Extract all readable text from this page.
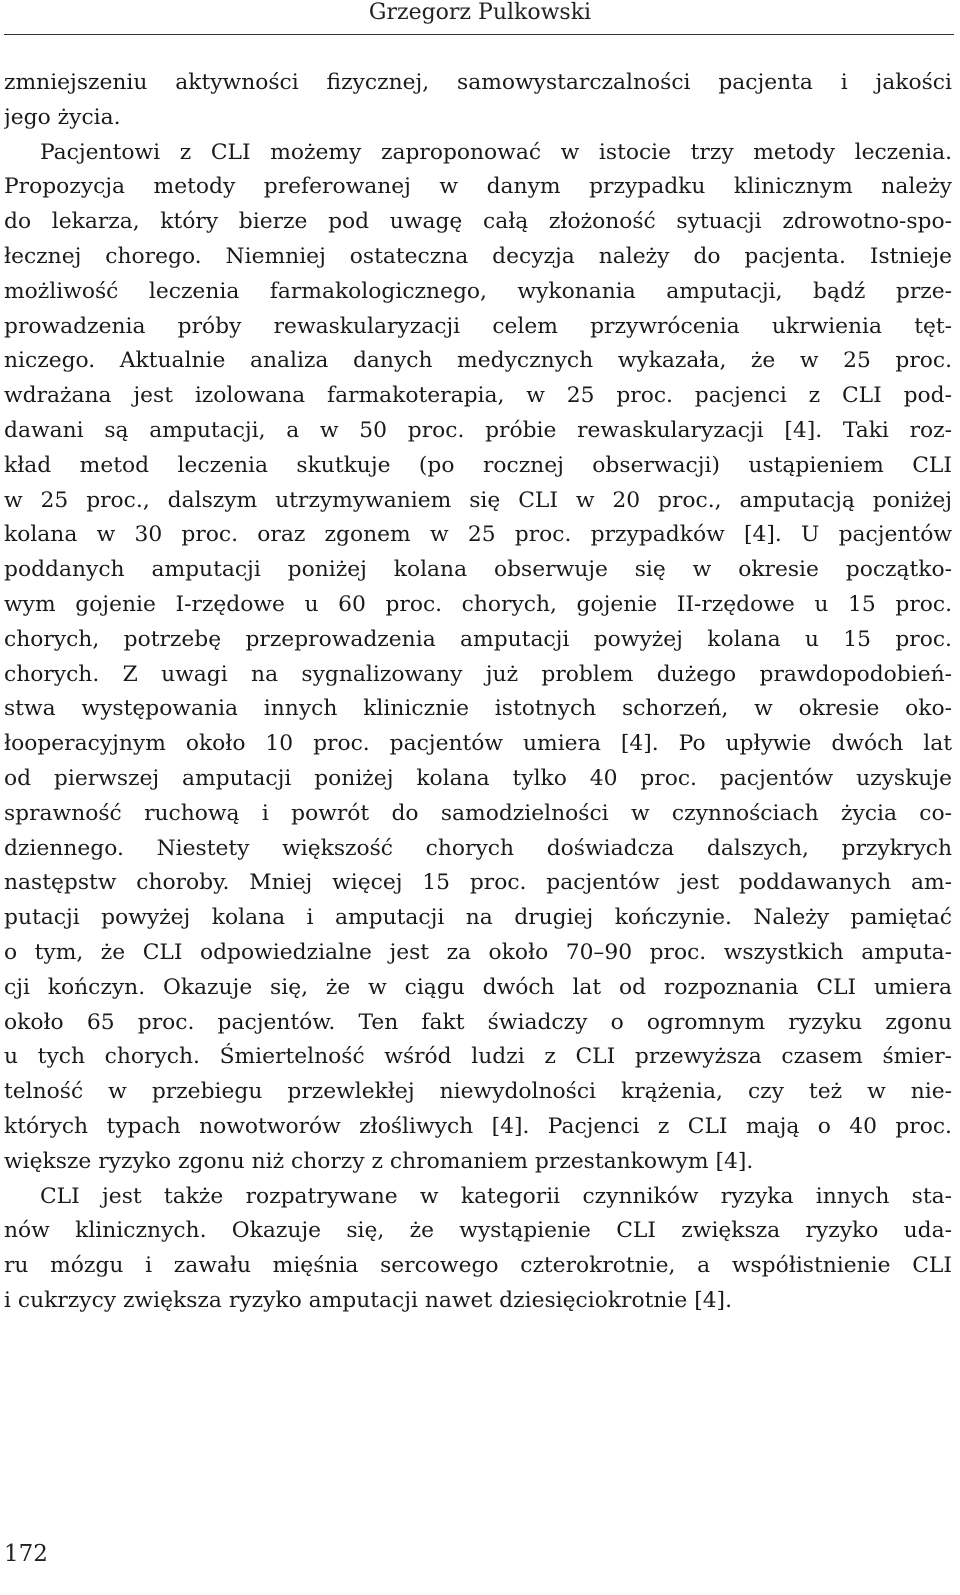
Grzegorz Pulkowski
zmniejszeniu aktywności fizycznej, samowystarczalności pacjenta i jakości
jego życia.
Pacjentowi z CLI możemy zaproponować w istocie trzy metody leczenia.
Propozycja metody preferowanej w danym przypadku klinicznym należy
do lekarza, który bierze pod uwagę całą złożoność sytuacji zdrowotno-spo-
łecznej chorego. Niemniej ostateczna decyzja należy do pacjenta. Istnieje
możliwość leczenia farmakologicznego, wykonania amputacji, bądź prze-
prowadzenia próby rewaskularyzacji celem przywrócenia ukrwienia tęt-
niczego. Aktualnie analiza danych medycznych wykazała, że w 25 proc.
wdrażana jest izolowana farmakoterapia, w 25 proc. pacjenci z CLI pod-
dawani są amputacji, a w 50 proc. próbie rewaskularyzacji [4]. Taki roz-
kład metod leczenia skutkuje (po rocznej obserwacji) ustąpieniem CLI
w 25 proc., dalszym utrzymywaniem się CLI w 20 proc., amputacją poniżej
kolana w 30 proc. oraz zgonem w 25 proc. przypadków [4]. U pacjentów
poddanych amputacji poniżej kolana obserwuje się w okresie początko-
wym gojenie I-rzędowe u 60 proc. chorych, gojenie II-rzędowe u 15 proc.
chorych, potrzebę przeprowadzenia amputacji powyżej kolana u 15 proc.
chorych. Z uwagi na sygnalizowany już problem dużego prawdopodobień-
stwa występowania innych klinicznie istotnych schorzeń, w okresie oko-
łooperacyjnym około 10 proc. pacjentów umiera [4]. Po upływie dwóch lat
od pierwszej amputacji poniżej kolana tylko 40 proc. pacjentów uzyskuje
sprawność ruchową i powrót do samodzielności w czynnościach życia co-
dziennego. Niestety większość chorych doświadcza dalszych, przykrych
następstw choroby. Mniej więcej 15 proc. pacjentów jest poddawanych am-
putacji powyżej kolana i amputacji na drugiej kończynie. Należy pamiętać
o tym, że CLI odpowiedzialne jest za około 70–90 proc. wszystkich amputa-
cji kończyn. Okazuje się, że w ciągu dwóch lat od rozpoznania CLI umiera
około 65 proc. pacjentów. Ten fakt świadczy o ogromnym ryzyku zgonu
u tych chorych. Śmiertelność wśród ludzi z CLI przewyższa czasem śmier-
telność w przebiegu przewlekłej niewydolności krążenia, czy też w nie-
których typach nowotworów złośliwych [4]. Pacjenci z CLI mają o 40 proc.
większe ryzyko zgonu niż chorzy z chromaniem przestankowym [4].
CLI jest także rozpatrywane w kategorii czynników ryzyka innych sta-
nów klinicznych. Okazuje się, że wystąpienie CLI zwiększa ryzyko uda-
ru mózgu i zawału mięśnia sercowego czterokrotnie, a współistnienie CLI
i cukrzycy zwiększa ryzyko amputacji nawet dziesięciokrotnie [4].
172
